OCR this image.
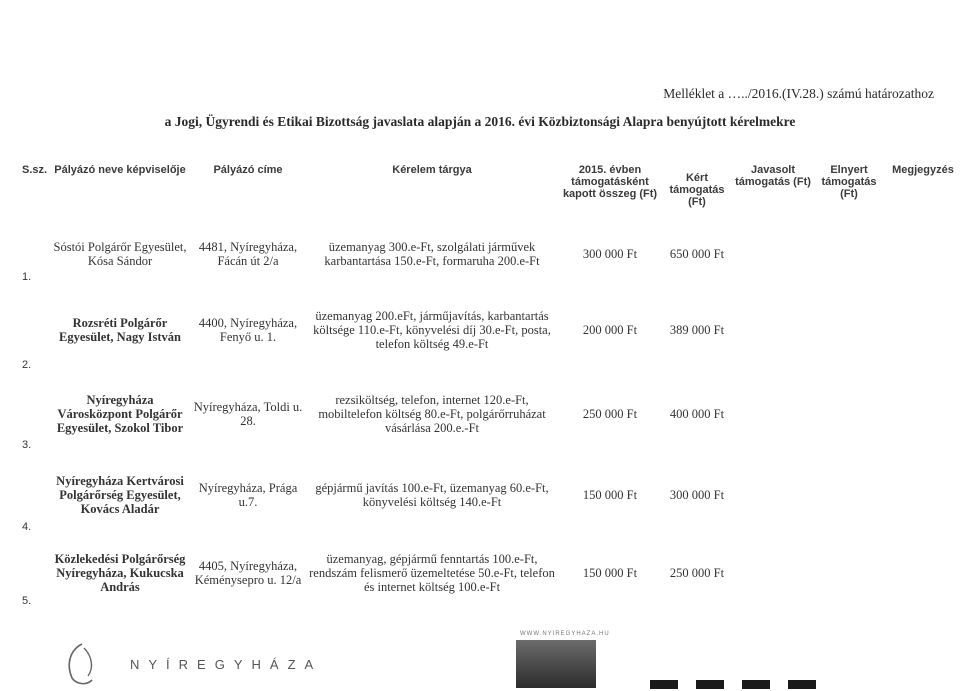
Melléklet a …../2016.(IV.28.) számú határozathoz
a Jogi, Ügyrendi és Etikai Bizottság javaslata alapján a 2016. évi Közbiztonsági Alapra benyújtott kérelmekre
S.sz.	Pályázó neve képviselője	Pályázó címe	Kérelem tárgya	2015. évben támogatásként kapott összeg (Ft)	Kért támogatás (Ft)	Javasolt támogatás (Ft)	Elnyert támogatás (Ft)	Megjegyzés
1.	Sóstói Polgárőr Egyesület, Kósa Sándor	4481, Nyíregyháza, Fácán út 2/a	üzemanyag 300.e-Ft, szolgálati járművek karbantartása 150.e-Ft, formaruha 200.e-Ft	300 000 Ft	650 000 Ft			
2.	Rozsréti Polgárőr Egyesület, Nagy István	4400, Nyíregyháza, Fenyő u. 1.	üzemanyag 200.eFt, járműjavítás, karbantartás költsége 110.e-Ft, könyvelési díj 30.e-Ft, posta, telefon költség 49.e-Ft	200 000 Ft	389 000 Ft			
3.	Nyíregyháza Városközpont Polgárőr Egyesület, Szokol Tibor	Nyíregyháza, Toldi u. 28.	rezsiköltség, telefon, internet 120.e-Ft, mobiltelefon költség 80.e-Ft, polgárőrruházat vásárlása 200.e.-Ft	250 000 Ft	400 000 Ft			
4.	Nyíregyháza Kertvárosi Polgárőrség Egyesület, Kovács Aladár	Nyíregyháza, Prága u.7.	gépjármű javítás 100.e-Ft, üzemanyag 60.e-Ft, könyvelési költség 140.e-Ft	150 000 Ft	300 000 Ft			
5.	Közlekedési Polgárőrség Nyíregyháza, Kukucska András	4405, Nyíregyháza, Kéménysepro u. 12/a	üzemanyag, gépjármű fenntartás 100.e-Ft, rendszám felismerő üzemeltetése 50.e-Ft, telefon és internet költség 100.e-Ft	150 000 Ft	250 000 Ft			
WWW.NYIREGYHAZA.HU
NYÍREGYHÁZA
